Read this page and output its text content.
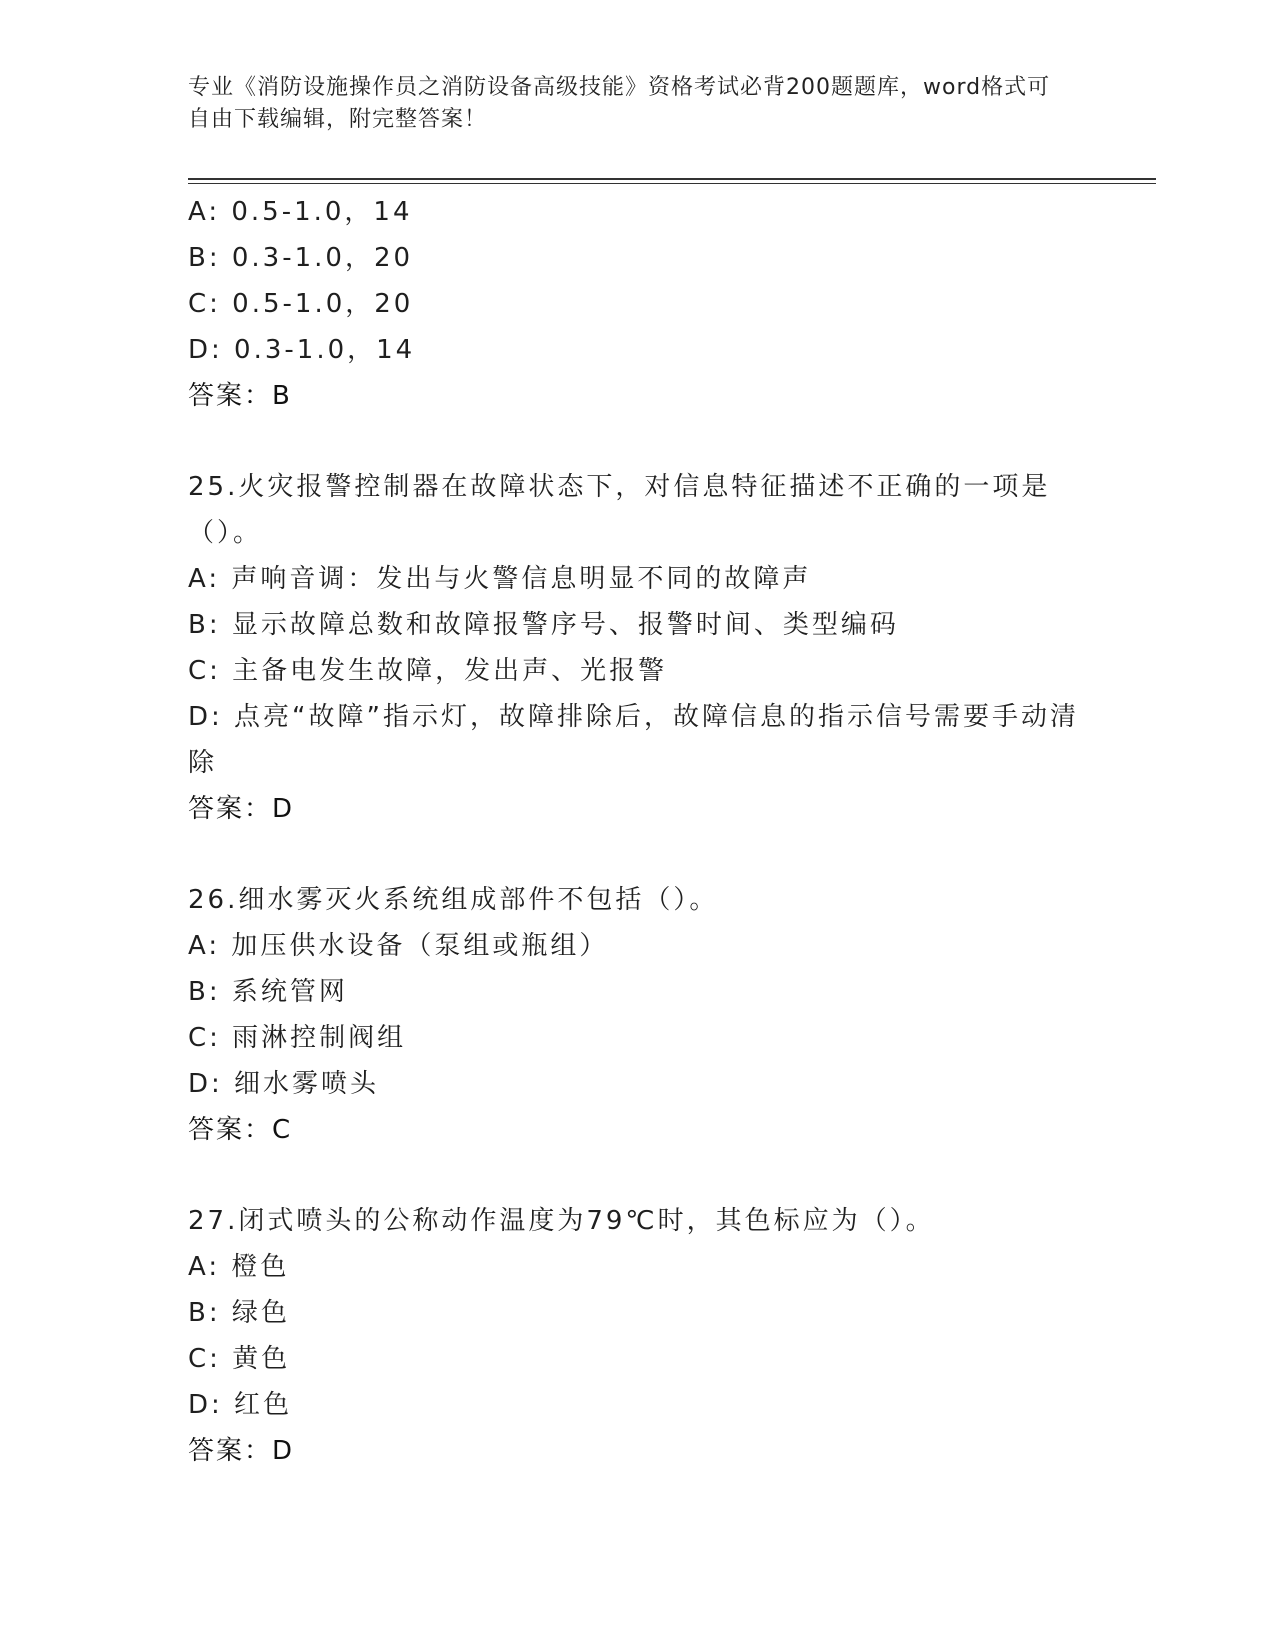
专业《消防设施操作员之消防设备高级技能》资格考试必背200题题库，word格式可自由下载编辑，附完整答案！
A: 0.5-1.0，14
B: 0.3-1.0，20
C: 0.5-1.0，20
D: 0.3-1.0，14
答案：B
25.火灾报警控制器在故障状态下，对信息特征描述不正确的一项是（）。
A: 声响音调：发出与火警信息明显不同的故障声
B: 显示故障总数和故障报警序号、报警时间、类型编码
C: 主备电发生故障，发出声、光报警
D: 点亮“故障”指示灯，故障排除后，故障信息的指示信号需要手动清除
答案：D
26.细水雾灭火系统组成部件不包括（）。
A: 加压供水设备（泵组或瓶组）
B: 系统管网
C: 雨淋控制阀组
D: 细水雾喷头
答案：C
27.闭式喷头的公称动作温度为79℃时，其色标应为（）。
A: 橙色
B: 绿色
C: 黄色
D: 红色
答案：D
